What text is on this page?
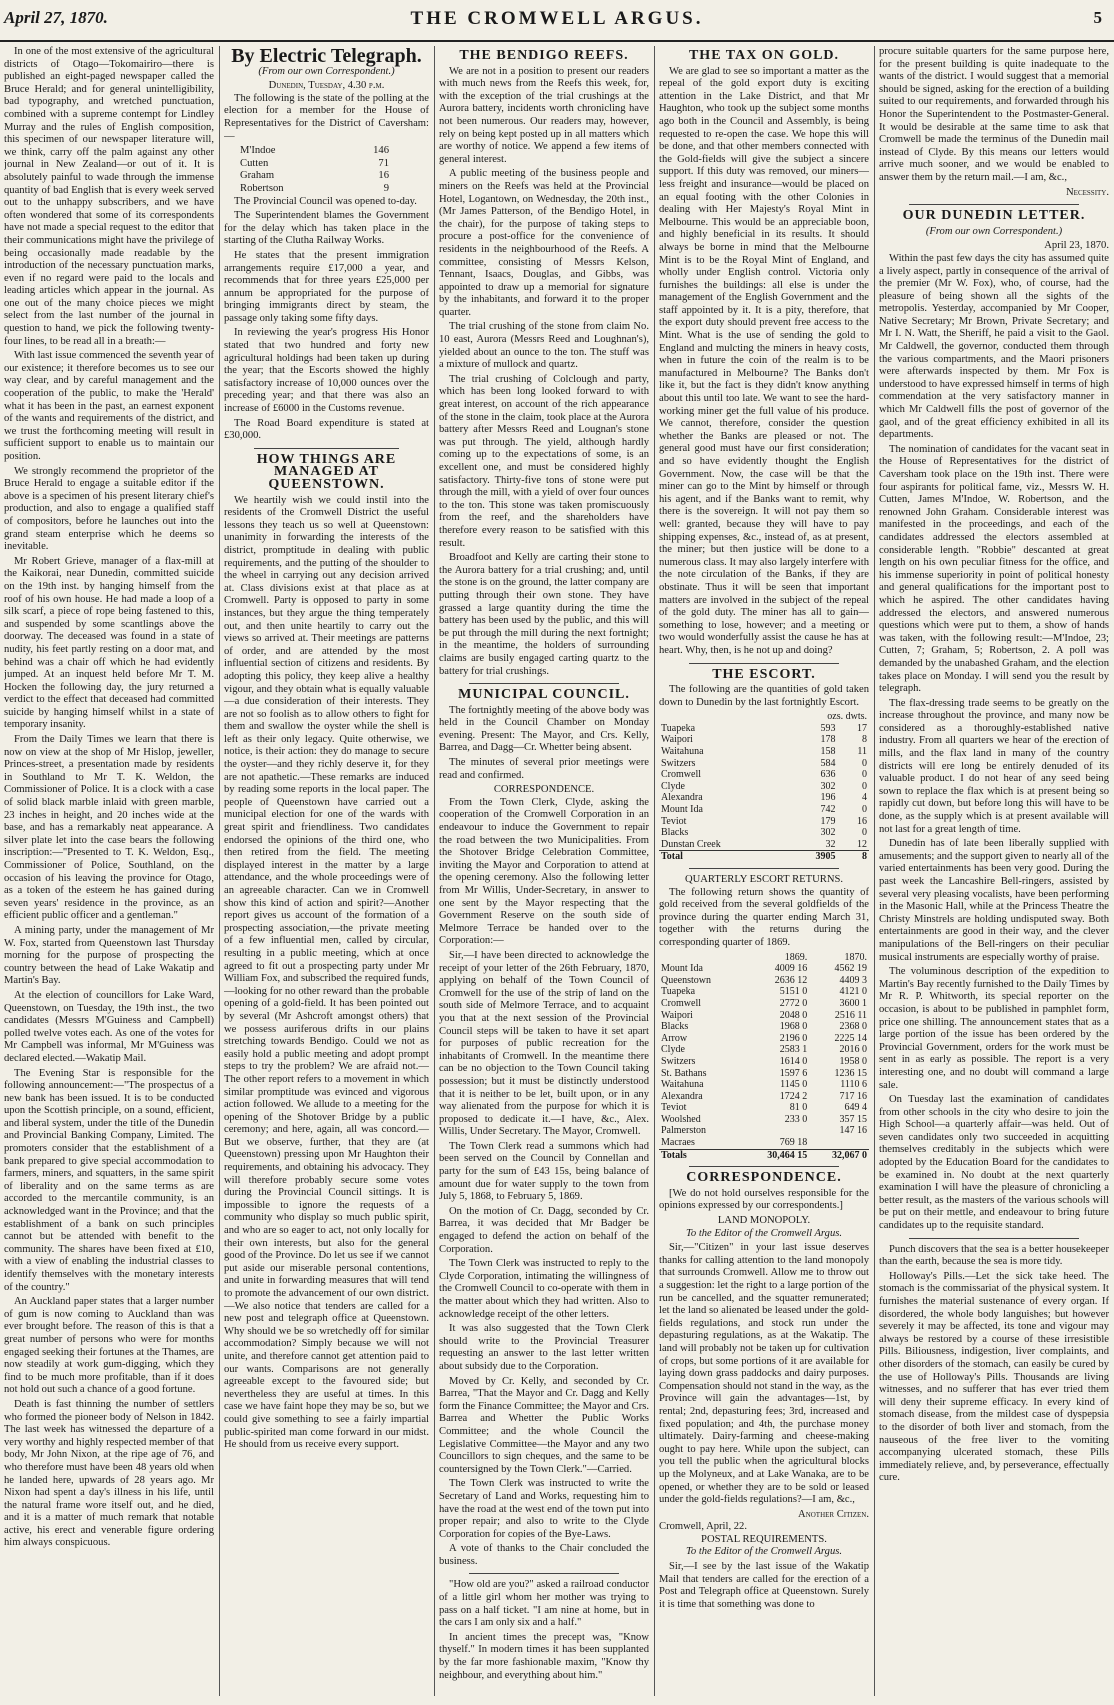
April 27, 1870.	THE CROMWELL ARGUS.	5

In one of the most extensive of the agricultural districts of Otago—Tokomairiro—there is published an eight-paged newspaper called the Bruce Herald; and for general unintelligibility, bad typography, and wretched punctuation, combined with a supreme contempt for Lindley Murray and the rules of English composition, this specimen of our newspaper literature will, we think, carry off the palm against any other journal in New Zealand—or out of it. It is absolutely painful to wade through the immense quantity of bad English that is every week served out to the unhappy subscribers, and we have often wondered that some of its correspondents have not made a special request to the editor that their communications might have the privilege of being occasionally made readable by the introduction of the necessary punctuation marks, even if no regard were paid to the locals and leading articles which appear in the journal. As one out of the many choice pieces we might select from the last number of the journal in question to hand, we pick the following twenty-four lines, to be read all in a breath:—

With last issue commenced the seventh year of our existence; it therefore becomes us to see our way clear, and by careful management and the cooperation of the public, to make the 'Herald' what it has been in the past, an earnest exponent of the wants and requirements of the district, and we trust the forthcoming meeting will result in sufficient support to enable us to maintain our position.

We strongly recommend the proprietor of the Bruce Herald to engage a suitable editor if the above is a specimen of his present literary chief's production, and also to engage a qualified staff of compositors, before he launches out into the grand steam enterprise which he deems so inevitable.

Mr Robert Grieve, manager of a flax-mill at the Kaikorai, near Dunedin, committed suicide on the 19th inst. by hanging himself from the roof of his own house. He had made a loop of a silk scarf, a piece of rope being fastened to this, and suspended by some scantlings above the doorway. The deceased was found in a state of nudity, his feet partly resting on a door mat, and behind was a chair off which he had evidently jumped. At an inquest held before Mr T. M. Hocken the following day, the jury returned a verdict to the effect that deceased had committed suicide by hanging himself whilst in a state of temporary insanity.

From the Daily Times we learn that there is now on view at the shop of Mr Hislop, jeweller, Princes-street, a presentation made by residents in Southland to Mr T. K. Weldon, the Commissioner of Police. It is a clock with a case of solid black marble inlaid with green marble, 23 inches in height, and 20 inches wide at the base, and has a remarkably neat appearance. A silver plate let into the case bears the following inscription:—"Presented to T. K. Weldon, Esq., Commissioner of Police, Southland, on the occasion of his leaving the province for Otago, as a token of the esteem he has gained during seven years' residence in the province, as an efficient public officer and a gentleman."

A mining party, under the management of Mr W. Fox, started from Queenstown last Thursday morning for the purpose of prospecting the country between the head of Lake Wakatip and Martin's Bay.

At the election of councillors for Lake Ward, Queenstown, on Tuesday, the 19th inst., the two candidates (Messrs M'Guiness and Campbell) polled twelve votes each. As one of the votes for Mr Campbell was informal, Mr M'Guiness was declared elected.—Wakatip Mail.

The Evening Star is responsible for the following announcement:—"The prospectus of a new bank has been issued. It is to be conducted upon the Scottish principle, on a sound, efficient, and liberal system, under the title of the Dunedin and Provincial Banking Company, Limited. The promoters consider that the establishment of a bank prepared to give special accommodation to farmers, miners, and squatters, in the same spirit of liberality and on the same terms as are accorded to the mercantile community, is an acknowledged want in the Province; and that the establishment of a bank on such principles cannot but be attended with benefit to the community. The shares have been fixed at £10, with a view of enabling the industrial classes to identify themselves with the monetary interests of the country."

An Auckland paper states that a larger number of gum is now coming to Auckland than was ever brought before. The reason of this is that a great number of persons who were for months engaged seeking their fortunes at the Thames, are now steadily at work gum-digging, which they find to be much more profitable, than if it does not hold out such a chance of a good fortune.

Death is fast thinning the number of settlers who formed the pioneer body of Nelson in 1842. The last week has witnessed the departure of a very worthy and highly respected member of that body, Mr John Nixon, at the ripe age of 76, and who therefore must have been 48 years old when he landed here, upwards of 28 years ago. Mr Nixon had spent a day's illness in his life, until the natural frame wore itself out, and he died, and it is a matter of much remark that notable active, his erect and venerable figure ordering him always conspicuous.

By Electric Telegraph.
(From our own Correspondent.)
Dunedin, Tuesday, 4.30 p.m.

The following is the state of the polling at the election for a member for the House of Representatives for the District of Caversham:—

M'Indoe	146
Cutten	71
Graham	16
Robertson	9

The Provincial Council was opened to-day.

The Superintendent blames the Government for the delay which has taken place in the starting of the Clutha Railway Works.

He states that the present immigration arrangements require £17,000 a year, and recommends that for three years £25,000 per annum be appropriated for the purpose of bringing immigrants direct by steam, the passage only taking some fifty days.

In reviewing the year's progress His Honor stated that two hundred and forty new agricultural holdings had been taken up during the year; that the Escorts showed the highly satisfactory increase of 10,000 ounces over the preceding year; and that there was also an increase of £6000 in the Customs revenue.

The Road Board expenditure is stated at £30,000.

HOW THINGS ARE MANAGED AT QUEENSTOWN.

We heartily wish we could instil into the residents of the Cromwell District the useful lessons they teach us so well at Queenstown: unanimity in forwarding the interests of the district, promptitude in dealing with public requirements, and the putting of the shoulder to the wheel in carrying out any decision arrived at. Class divisions exist at that place as at Cromwell. Party is opposed to party in some instances, but they argue the thing temperately out, and then unite heartily to carry out the views so arrived at. Their meetings are patterns of order, and are attended by the most influential section of citizens and residents. By adopting this policy, they keep alive a healthy vigour, and they obtain what is equally valuable—a due consideration of their interests. They are not so foolish as to allow others to fight for them and swallow the oyster while the shell is left as their only legacy. Quite otherwise, we notice, is their action: they do manage to secure the oyster—and they richly deserve it, for they are not apathetic.—These remarks are induced by reading some reports in the local paper. The people of Queenstown have carried out a municipal election for one of the wards with great spirit and friendliness. Two candidates endorsed the opinions of the third one, who then retired from the field. The meeting displayed interest in the matter by a large attendance, and the whole proceedings were of an agreeable character. Can we in Cromwell show this kind of action and spirit?—Another report gives us account of the formation of a prospecting association,—the private meeting of a few influential men, called by circular, resulting in a public meeting, which at once agreed to fit out a prospecting party under Mr William Fox, and subscribed the required funds,—looking for no other reward than the probable opening of a gold-field. It has been pointed out by several (Mr Ashcroft amongst others) that we possess auriferous drifts in our plains stretching towards Bendigo. Could we not as easily hold a public meeting and adopt prompt steps to try the problem? We are afraid not.—The other report refers to a movement in which similar promptitude was evinced and vigorous action followed. We allude to a meeting for the opening of the Shotover Bridge by a public ceremony; and here, again, all was concord.—But we observe, further, that they are (at Queenstown) pressing upon Mr Haughton their requirements, and obtaining his advocacy. They will therefore probably secure some votes during the Provincial Council sittings. It is impossible to ignore the requests of a community who display so much public spirit, and who are so eager to act, not only locally for their own interests, but also for the general good of the Province. Do let us see if we cannot put aside our miserable personal contentions, and unite in forwarding measures that will tend to promote the advancement of our own district.—We also notice that tenders are called for a new post and telegraph office at Queenstown. Why should we be so wretchedly off for similar accommodation? Simply because we will not unite, and therefore cannot get attention paid to our wants. Comparisons are not generally agreeable except to the favoured side; but nevertheless they are useful at times. In this case we have faint hope they may be so, but we could give something to see a fairly impartial public-spirited man come forward in our midst. He should from us receive every support.

THE BENDIGO REEFS.

We are not in a position to present our readers with much news from the Reefs this week, for, with the exception of the trial crushings at the Aurora battery, incidents worth chronicling have not been numerous. Our readers may, however, rely on being kept posted up in all matters which are worthy of notice. We append a few items of general interest.

A public meeting of the business people and miners on the Reefs was held at the Provincial Hotel, Logantown, on Wednesday, the 20th inst., (Mr James Patterson, of the Bendigo Hotel, in the chair), for the purpose of taking steps to procure a post-office for the convenience of residents in the neighbourhood of the Reefs. A committee, consisting of Messrs Kelson, Tennant, Isaacs, Douglas, and Gibbs, was appointed to draw up a memorial for signature by the inhabitants, and forward it to the proper quarter.

The trial crushing of the stone from claim No. 10 east, Aurora (Messrs Reed and Loughnan's), yielded about an ounce to the ton. The stuff was a mixture of mullock and quartz.

The trial crushing of Colclough and party, which has been long looked forward to with great interest, on account of the rich appearance of the stone in the claim, took place at the Aurora battery after Messrs Reed and Lougnan's stone was put through. The yield, although hardly coming up to the expectations of some, is an excellent one, and must be considered highly satisfactory. Thirty-five tons of stone were put through the mill, with a yield of over four ounces to the ton. This stone was taken promiscuously from the reef, and the shareholders have therefore every reason to be satisfied with this result.

Broadfoot and Kelly are carting their stone to the Aurora battery for a trial crushing; and, until the stone is on the ground, the latter company are putting through their own stone. They have grassed a large quantity during the time the battery has been used by the public, and this will be put through the mill during the next fortnight; in the meantime, the holders of surrounding claims are busily engaged carting quartz to the battery for trial crushings.

MUNICIPAL COUNCIL.

The fortnightly meeting of the above body was held in the Council Chamber on Monday evening. Present: The Mayor, and Crs. Kelly, Barrea, and Dagg—Cr. Whetter being absent.

The minutes of several prior meetings were read and confirmed.

CORRESPONDENCE.

From the Town Clerk, Clyde, asking the cooperation of the Cromwell Corporation in an endeavour to induce the Government to repair the road between the two Municipalities. From the Shotover Bridge Celebration Committee, inviting the Mayor and Corporation to attend at the opening ceremony. Also the following letter from Mr Willis, Under-Secretary, in answer to one sent by the Mayor respecting that the Government Reserve on the south side of Melmore Terrace be handed over to the Corporation:—

Sir,—I have been directed to acknowledge the receipt of your letter of the 26th February, 1870, applying on behalf of the Town Council of Cromwell for the use of the strip of land on the south side of Melmore Terrace, and to acquaint you that at the next session of the Provincial Council steps will be taken to have it set apart for purposes of public recreation for the inhabitants of Cromwell. In the meantime there can be no objection to the Town Council taking possession; but it must be distinctly understood that it is neither to be let, built upon, or in any way alienated from the purpose for which it is proposed to dedicate it.—I have, &c., Alex. Willis, Under Secretary. The Mayor, Cromwell.

The Town Clerk read a summons which had been served on the Council by Connellan and party for the sum of £43 15s, being balance of amount due for water supply to the town from July 5, 1868, to February 5, 1869.

On the motion of Cr. Dagg, seconded by Cr. Barrea, it was decided that Mr Badger be engaged to defend the action on behalf of the Corporation.

The Town Clerk was instructed to reply to the Clyde Corporation, intimating the willingness of the Cromwell Council to co-operate with them in the matter about which they had written. Also to acknowledge receipt of the other letters.

It was also suggested that the Town Clerk should write to the Provincial Treasurer requesting an answer to the last letter written about subsidy due to the Corporation.

Moved by Cr. Kelly, and seconded by Cr. Barrea, "That the Mayor and Cr. Dagg and Kelly form the Finance Committee; the Mayor and Crs. Barrea and Whetter the Public Works Committee; and the whole Council the Legislative Committee—the Mayor and any two Councillors to sign cheques, and the same to be countersigned by the Town Clerk."—Carried.

The Town Clerk was instructed to write the Secretary of Land and Works, requesting him to have the road at the west end of the town put into proper repair; and also to write to the Clyde Corporation for copies of the Bye-Laws.

A vote of thanks to the Chair concluded the business.

"How old are you?" asked a railroad conductor of a little girl whom her mother was trying to pass on a half ticket. "I am nine at home, but in the cars I am only six and a half."

In ancient times the precept was, "Know thyself." In modern times it has been supplanted by the far more fashionable maxim, "Know thy neighbour, and everything about him."

THE TAX ON GOLD.

We are glad to see so important a matter as the repeal of the gold export duty is exciting attention in the Lake District, and that Mr Haughton, who took up the subject some months ago both in the Council and Assembly, is being requested to re-open the case. We hope this will be done, and that other members connected with the Gold-fields will give the subject a sincere support. If this duty was removed, our miners—less freight and insurance—would be placed on an equal footing with the other Colonies in dealing with Her Majesty's Royal Mint in Melbourne. This would be an appreciable boon, and highly beneficial in its results. It should always be borne in mind that the Melbourne Mint is to be the Royal Mint of England, and wholly under English control. Victoria only furnishes the buildings: all else is under the management of the English Government and the staff appointed by it. It is a pity, therefore, that the export duty should prevent free access to the Mint. What is the use of sending the gold to England and mulcting the miners in heavy costs, when in future the coin of the realm is to be manufactured in Melbourne? The Banks don't like it, but the fact is they didn't know anything about this until too late. We want to see the hard-working miner get the full value of his produce. We cannot, therefore, consider the question whether the Banks are pleased or not. The general good must have our first consideration; and so have evidently thought the English Government. Now, the case will be that the miner can go to the Mint by himself or through his agent, and if the Banks want to remit, why there is the sovereign. It will not pay them so well: granted, because they will have to pay shipping expenses, &c., instead of, as at present, the miner; but then justice will be done to a numerous class. It may also largely interfere with the note circulation of the Banks, if they are obstinate. Thus it will be seen that important matters are involved in the subject of the repeal of the gold duty. The miner has all to gain—something to lose, however; and a meeting or two would wonderfully assist the cause he has at heart. Why, then, is he not up and doing?

THE ESCORT.

The following are the quantities of gold taken down to Dunedin by the last fortnightly Escort.

	ozs. dwts.	
Tuapeka	593	17
Waipori	178	8
Waitahuna	158	11
Switzers	584	0
Cromwell	636	0
Clyde	302	0
Alexandra	196	4
Mount Ida	742	0
Teviot	179	16
Blacks	302	0
Dunstan Creek	32	12
Total	3905	8
QUARTERLY ESCORT RETURNS.

The following return shows the quantity of gold received from the several goldfields of the province during the quarter ending March 31, together with the returns during the corresponding quarter of 1869.

	1869.	1870.
Mount Ida	4009 16	4562 19
Queenstown	2636 12	4409 3
Tuapeka	5151 0	4121 0
Cromwell	2772 0	3600 1
Waipori	2048 0	2516 11
Blacks	1968 0	2368 0
Arrow	2196 0	2225 14
Clyde	2583 1	2016 0
Switzers	1614 0	1958 0
St. Bathans	1597 6	1236 15
Waitahuna	1145 0	1110 6
Alexandra	1724 2	717 16
Teviot	81 0	649 4
Woolshed	233 0	357 15
Palmerston		147 16
Macraes	769 18	
Totals	30,464 15	32,067 0
CORRESPONDENCE.

[We do not hold ourselves responsible for the opinions expressed by our correspondents.]

LAND MONOPOLY.
To the Editor of the Cromwell Argus.

Sir,—"Citizen" in your last issue deserves thanks for calling attention to the land monopoly that surrounds Cromwell. Allow me to throw out a suggestion: let the right to a large portion of the run be cancelled, and the squatter remunerated; let the land so alienated be leased under the gold-fields regulations, and stock run under the depasturing regulations, as at the Wakatip. The land will probably not be taken up for cultivation of crops, but some portions of it are available for laying down grass paddocks and dairy purposes. Compensation should not stand in the way, as the Province will gain the advantages—1st, by rental; 2nd, depasturing fees; 3rd, increased and fixed population; and 4th, the purchase money ultimately. Dairy-farming and cheese-making ought to pay here. While upon the subject, can you tell the public when the agricultural blocks up the Molyneux, and at Lake Wanaka, are to be opened, or whether they are to be sold or leased under the gold-fields regulations?—I am, &c.,

Another Citizen.
Cromwell, April, 22.
POSTAL REQUIREMENTS.
To the Editor of the Cromwell Argus.

Sir,—I see by the last issue of the Wakatip Mail that tenders are called for the erection of a Post and Telegraph office at Queenstown. Surely it is time that something was done to

procure suitable quarters for the same purpose here, for the present building is quite inadequate to the wants of the district. I would suggest that a memorial should be signed, asking for the erection of a building suited to our requirements, and forwarded through his Honor the Superintendent to the Postmaster-General. It would be desirable at the same time to ask that Cromwell be made the terminus of the Dunedin mail instead of Clyde. By this means our letters would arrive much sooner, and we would be enabled to answer them by the return mail.—I am, &c.,

Necessity.
OUR DUNEDIN LETTER.
(From our own Correspondent.)
April 23, 1870.

Within the past few days the city has assumed quite a lively aspect, partly in consequence of the arrival of the premier (Mr W. Fox), who, of course, had the pleasure of being shown all the sights of the metropolis. Yesterday, accompanied by Mr Cooper, Native Secretary; Mr Brown, Private Secretary; and Mr I. N. Watt, the Sheriff, he paid a visit to the Gaol. Mr Caldwell, the governor, conducted them through the various compartments, and the Maori prisoners were afterwards inspected by them. Mr Fox is understood to have expressed himself in terms of high commendation at the very satisfactory manner in which Mr Caldwell fills the post of governor of the gaol, and of the great efficiency exhibited in all its departments.

The nomination of candidates for the vacant seat in the House of Representatives for the district of Caversham took place on the 19th inst. There were four aspirants for political fame, viz., Messrs W. H. Cutten, James M'Indoe, W. Robertson, and the renowned John Graham. Considerable interest was manifested in the proceedings, and each of the candidates addressed the electors assembled at considerable length. "Robbie" descanted at great length on his own peculiar fitness for the office, and his immense superiority in point of political honesty and general qualifications for the important post to which he aspired. The other candidates having addressed the electors, and answered numerous questions which were put to them, a show of hands was taken, with the following result:—M'Indoe, 23; Cutten, 7; Graham, 5; Robertson, 2. A poll was demanded by the unabashed Graham, and the election takes place on Monday. I will send you the result by telegraph.

The flax-dressing trade seems to be greatly on the increase throughout the province, and many now be considered as a thoroughly-established native industry. From all quarters we hear of the erection of mills, and the flax land in many of the country districts will ere long be entirely denuded of its valuable product. I do not hear of any seed being sown to replace the flax which is at present being so rapidly cut down, but before long this will have to be done, as the supply which is at present available will not last for a great length of time.

Dunedin has of late been liberally supplied with amusements; and the support given to nearly all of the varied entertainments has been very good. During the past week the Lancashire Bell-ringers, assisted by several very pleasing vocalists, have been performing in the Masonic Hall, while at the Princess Theatre the Christy Minstrels are holding undisputed sway. Both entertainments are good in their way, and the clever manipulations of the Bell-ringers on their peculiar musical instruments are especially worthy of praise.

The voluminous description of the expedition to Martin's Bay recently furnished to the Daily Times by Mr R. P. Whitworth, its special reporter on the occasion, is about to be published in pamphlet form, price one shilling. The announcement states that as a large portion of the issue has been ordered by the Provincial Government, orders for the work must be sent in as early as possible. The report is a very interesting one, and no doubt will command a large sale.

On Tuesday last the examination of candidates from other schools in the city who desire to join the High School—a quarterly affair—was held. Out of seven candidates only two succeeded in acquitting themselves creditably in the subjects which were adopted by the Education Board for the candidates to be examined in. No doubt at the next quarterly examination I will have the pleasure of chronicling a better result, as the masters of the various schools will be put on their mettle, and endeavour to bring future candidates up to the requisite standard.

Punch discovers that the sea is a better housekeeper than the earth, because the sea is more tidy.

Holloway's Pills.—Let the sick take heed. The stomach is the commissariat of the physical system. It furnishes the material sustenance of every organ. If disordered, the whole body languishes; but however severely it may be affected, its tone and vigour may always be restored by a course of these irresistible Pills. Biliousness, indigestion, liver complaints, and other disorders of the stomach, can easily be cured by the use of Holloway's Pills. Thousands are living witnesses, and no sufferer that has ever tried them will deny their supreme efficacy. In every kind of stomach disease, from the mildest case of dyspepsia to the disorder of both liver and stomach, from the nauseous of the free liver to the vomiting accompanying ulcerated stomach, these Pills immediately relieve, and, by perseverance, effectually cure.
